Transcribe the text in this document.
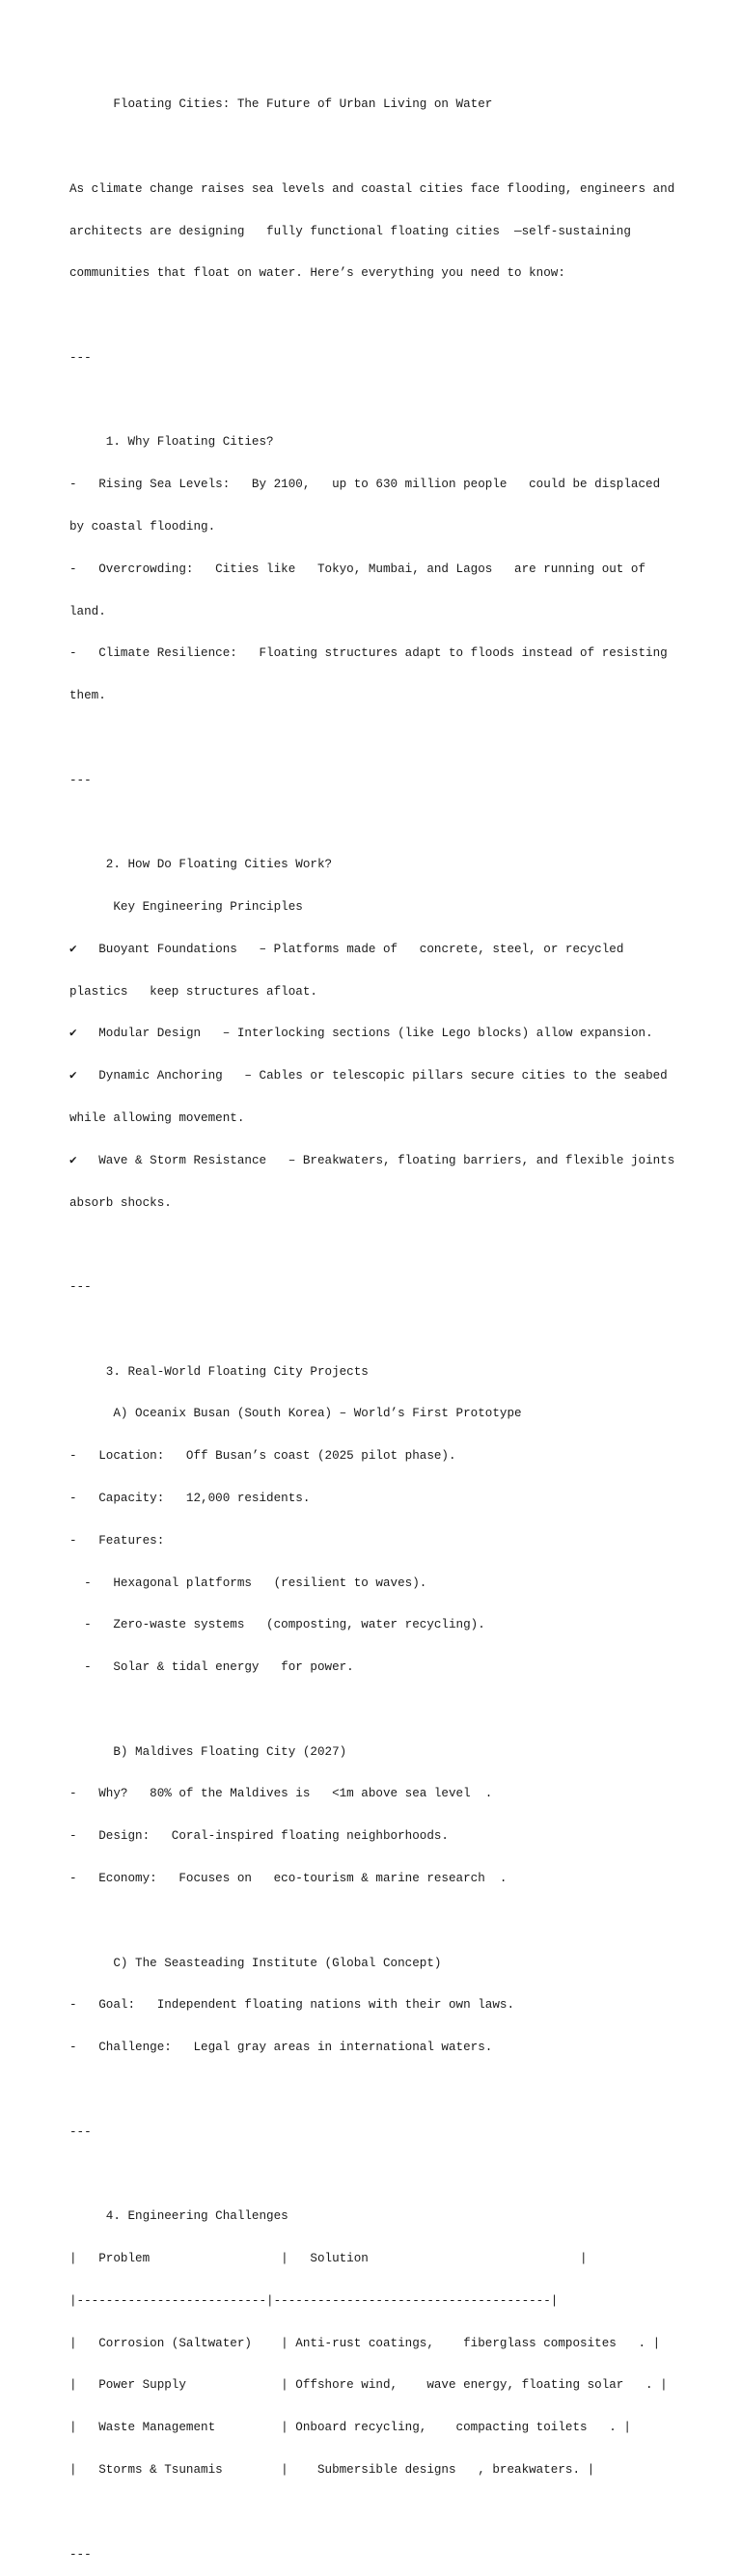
Floating Cities: The Future of Urban Living on Water

As climate change raises sea levels and coastal cities face flooding, engineers and

architects are designing   fully functional floating cities  —self-sustaining

communities that float on water. Here’s everything you need to know:

---

1. Why Floating Cities?

-   Rising Sea Levels:   By 2100,   up to 630 million people   could be displaced

by coastal flooding.

-   Overcrowding:   Cities like   Tokyo, Mumbai, and Lagos   are running out of

land.

-   Climate Resilience:   Floating structures adapt to floods instead of resisting

them.

---

2. How Do Floating Cities Work?

Key Engineering Principles

✔   Buoyant Foundations   – Platforms made of   concrete, steel, or recycled

plastics   keep structures afloat.

✔   Modular Design   – Interlocking sections (like Lego blocks) allow expansion.

✔   Dynamic Anchoring   – Cables or telescopic pillars secure cities to the seabed

while allowing movement.

✔   Wave & Storm Resistance   – Breakwaters, floating barriers, and flexible joints

absorb shocks.

---

3. Real-World Floating City Projects

A) Oceanix Busan (South Korea) – World’s First Prototype

-   Location:   Off Busan’s coast (2025 pilot phase).

-   Capacity:   12,000 residents.

-   Features:

-   Hexagonal platforms   (resilient to waves).

-   Zero-waste systems   (composting, water recycling).

-   Solar & tidal energy   for power.

B) Maldives Floating City (2027)

-   Why?   80% of the Maldives is   <1m above sea level  .

-   Design:   Coral-inspired floating neighborhoods.

-   Economy:   Focuses on   eco-tourism & marine research  .

C) The Seasteading Institute (Global Concept)

-   Goal:   Independent floating nations with their own laws.

-   Challenge:   Legal gray areas in international waters.

---

4. Engineering Challenges

|   Problem                  |   Solution                             |

|--------------------------|--------------------------------------|

|   Corrosion (Saltwater)    | Anti-rust coatings,    fiberglass composites   . |

|   Power Supply             | Offshore wind,    wave energy, floating solar   . |

|   Waste Management         | Onboard recycling,    compacting toilets   . |

|   Storms & Tsunamis        |    Submersible designs   , breakwaters. |

---
